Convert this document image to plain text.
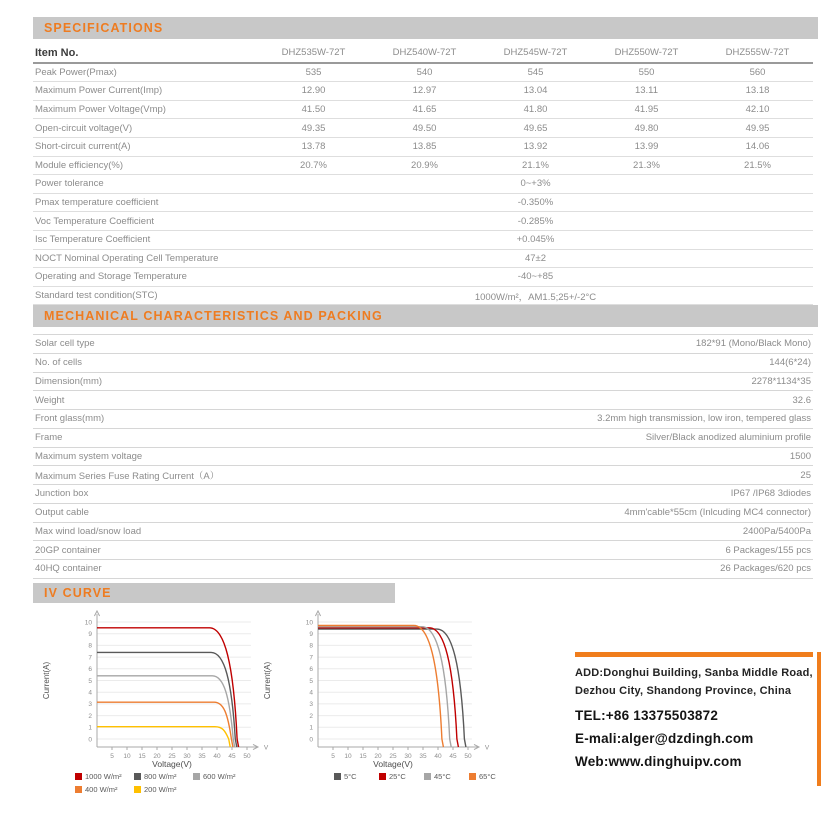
SPECIFICATIONS
Item No.	DHZ535W-72T	DHZ540W-72T	DHZ545W-72T	DHZ550W-72T	DHZ555W-72T
Peak Power(Pmax)	535	540	545	550	560
Maximum Power Current(Imp)	12.90	12.97	13.04	13.11	13.18
Maximum Power Voltage(Vmp)	41.50	41.65	41.80	41.95	42.10
Open-circuit voltage(V)	49.35	49.50	49.65	49.80	49.95
Short-circuit current(A)	13.78	13.85	13.92	13.99	14.06
Module efficiency(%)	20.7%	20.9%	21.1%	21.3%	21.5%
Power tolerance	0~+3%				
Pmax temperature coefficient	-0.350%				
Voc Temperature Coefficient	-0.285%				
Isc Temperature Coefficient	+0.045%				
NOCT Nominal Operating Cell Temperature	47±2				
Operating and Storage Temperature	-40~+85				
Standard test condition(STC)	1000W/m²，AM1.5;25+/-2°C				
MECHANICAL CHARACTERISTICS AND PACKING
Solar cell type	182*91 (Mono/Black Mono)
No. of cells	144(6*24)
Dimension(mm)	2278*1134*35
Weight	32.6
Front glass(mm)	3.2mm high transmission, low iron, tempered glass
Frame	Silver/Black anodized aluminium profile
Maximum system voltage	1500
Maximum Series Fuse Rating Current（A）	25
Junction box	IP67 /IP68 3diodes
Output cable	4mm'cable*55cm (Inlcuding MC4 connector)
Max wind load/snow load	2400Pa/5400Pa
20GP container	6 Packages/155 pcs
40HQ container	26 Packages/620 pcs
IV CURVE
0
1
2
3
4
5
6
7
8
9
10
V
5 10 15 20 25 30 35 40 45 50
Voltage(V)
Current(A)
1000 W/m²	800 W/m²	600 W/m²
400 W/m²	200 W/m²
0
1
2
3
4
5
6
7
8
9
10
V
5 10 15 20 25 30 35 40 45 50
Voltage(V)
Current(A)
5°C	25°C	45°C	65°C
ADD:Donghui Building, Sanba Middle Road,
Dezhou City, Shandong Province, China
TEL:+86 13375503872
E-mali:alger@dzdingh.com
Web:www.dinghuipv.com
